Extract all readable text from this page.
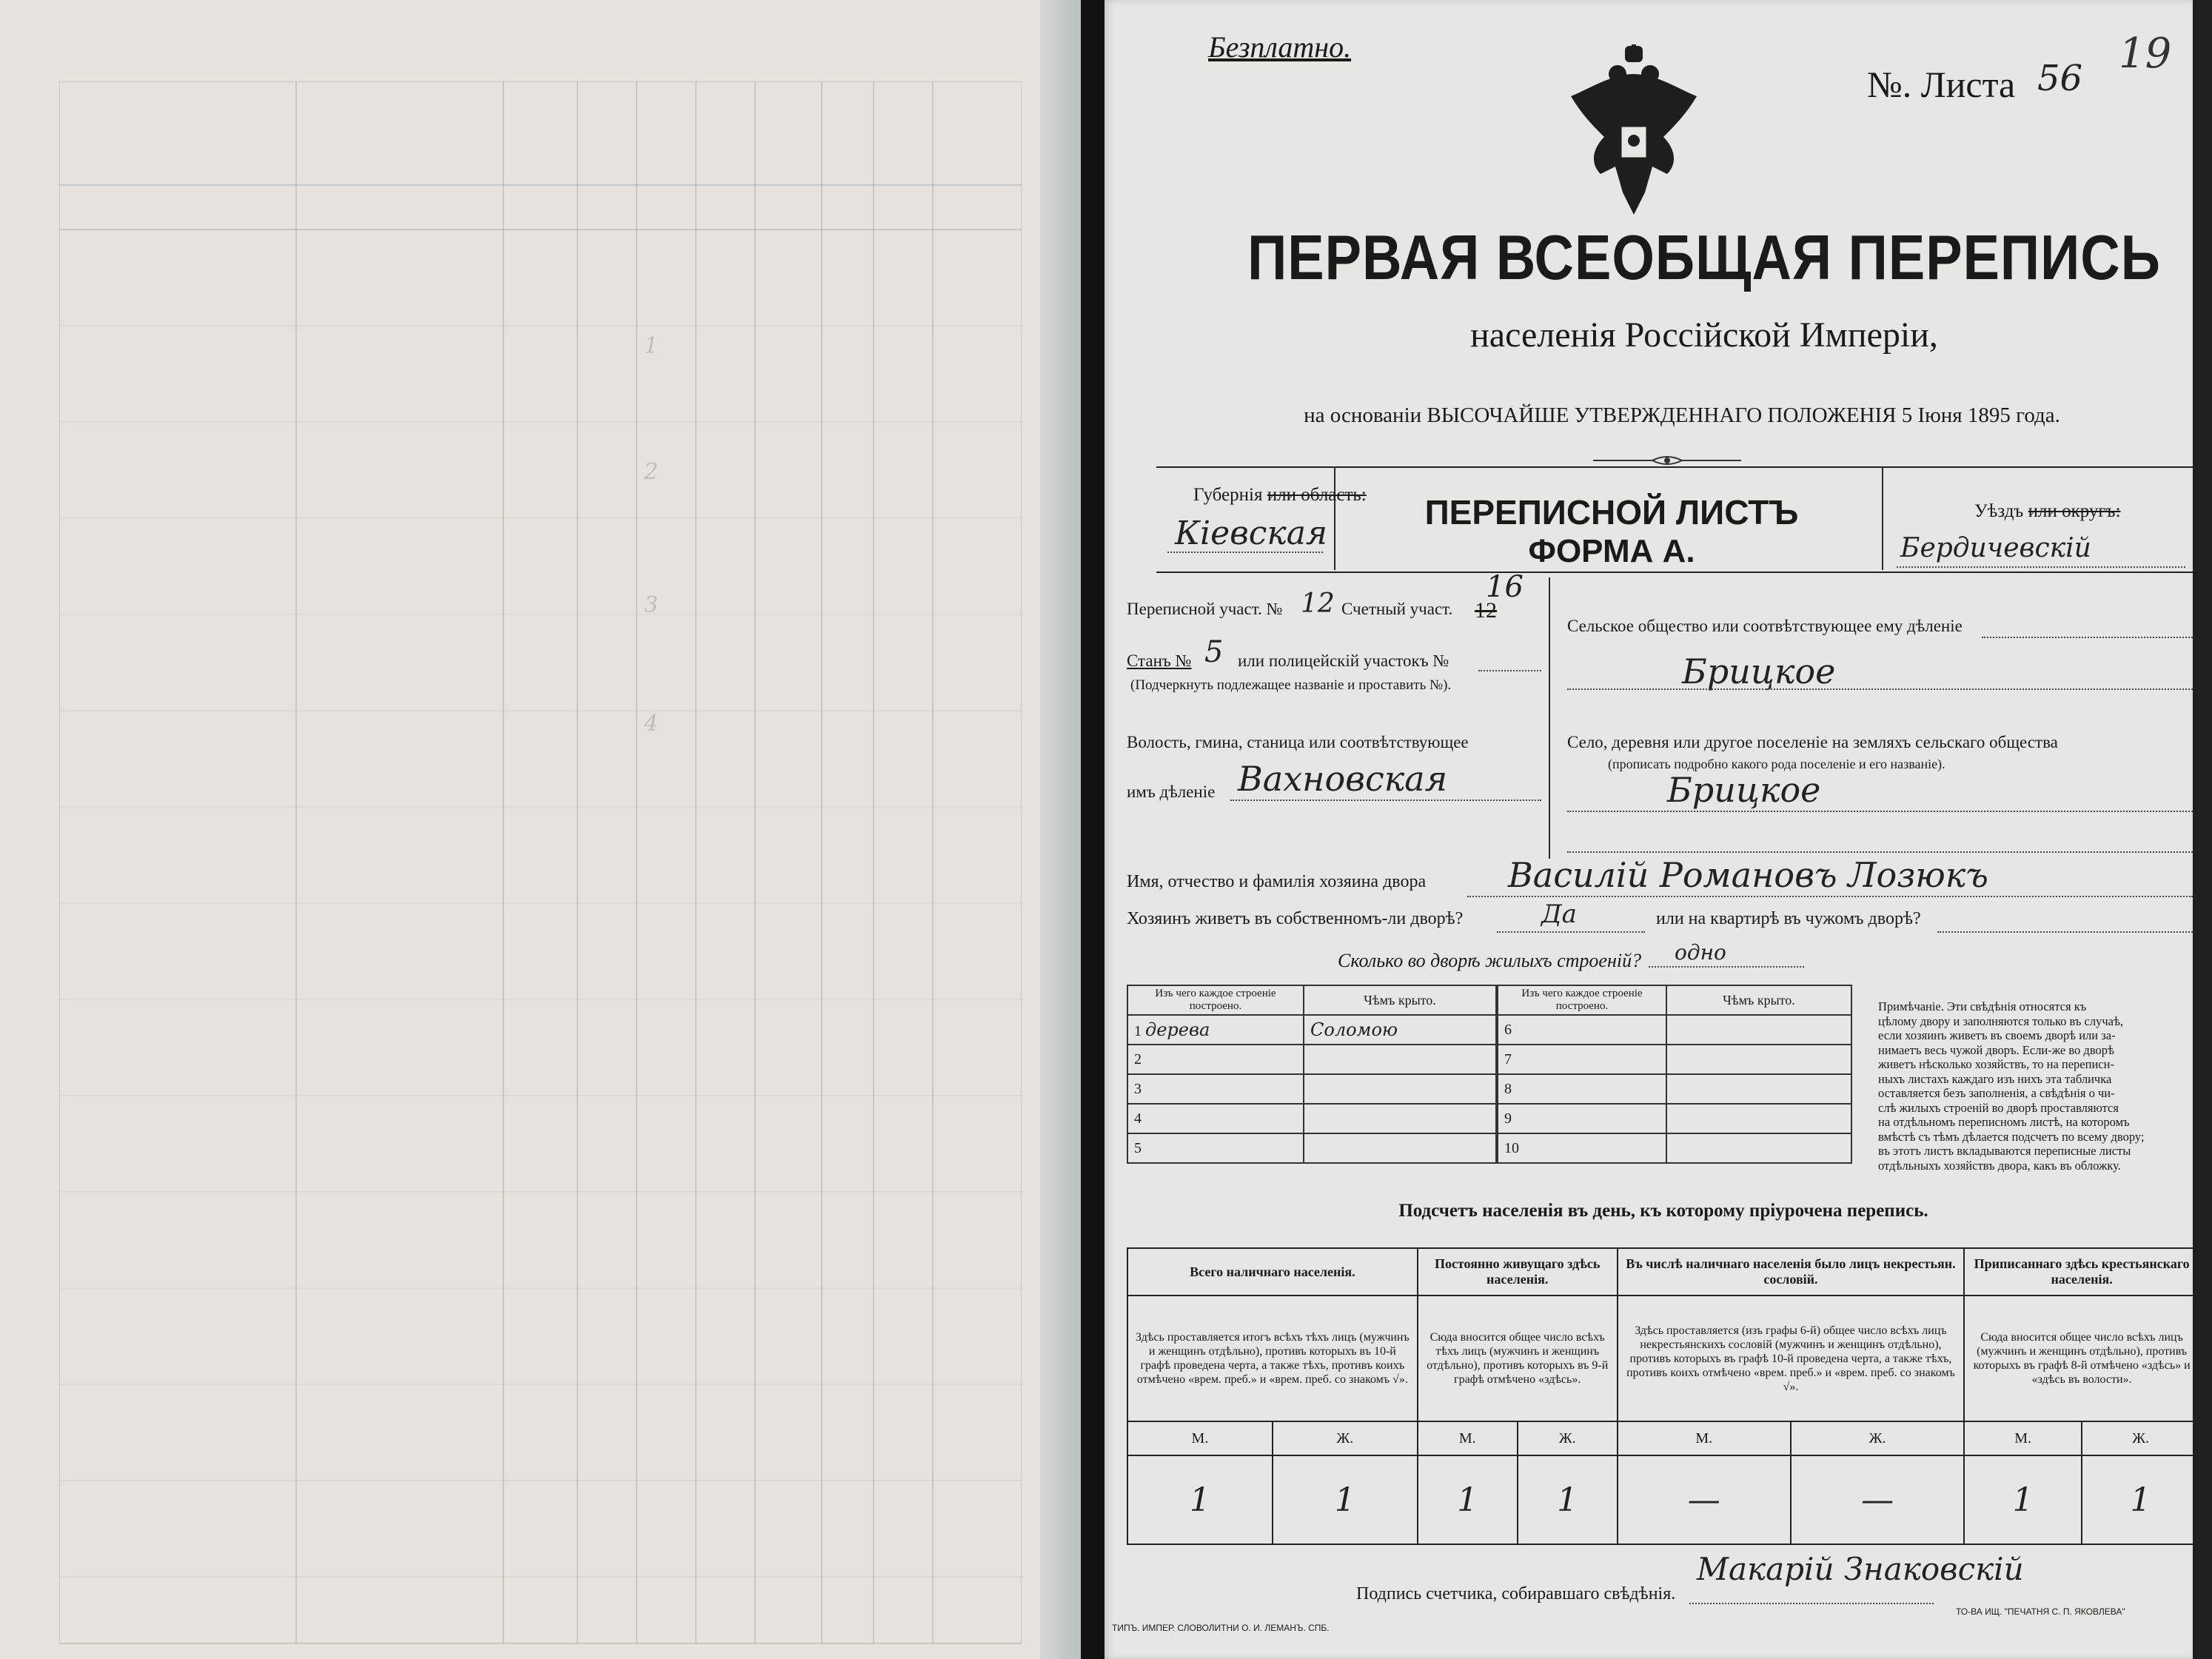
1
2
3
4
Безплатно.
№. Листа 56
19
ПЕРВАЯ ВСЕОБЩАЯ ПЕРЕПИСЬ
населенія Россійской Имперіи,
на основаніи ВЫСОЧАЙШЕ УТВЕРЖДЕННАГО ПОЛОЖЕНІЯ 5 Іюня 1895 года.
Губернія или область:
Кіевская
ПЕРЕПИСНОЙ ЛИСТЪ
ФОРМА А.
Уѣздъ или округъ:
Бердичевскій
Переписной участ. № 12 Счетный участ.
16
12
Станъ № 5 или полицейскій участокъ №
(Подчеркнуть подлежащее названіе и проставить №).
Волость, гмина, станица или соотвѣтствующее
имъ дѣленіе Вахновская
Сельское общество или соотвѣтствующее ему дѣленіе
Брицкое
Село, деревня или другое поселеніе на земляхъ сельскаго общества
(прописать подробно какого рода поселеніе и его названіе).
Брицкое
Имя, отчество и фамилія хозяина двора Василій Романовъ Лозюкъ
Хозяинъ живетъ въ собственномъ-ли дворѣ?	Да	или на квартирѣ въ чужомъ дворѣ?
Сколько во дворѣ жилыхъ строеній? одно
Изъ чего каждое строеніе построено.	Чѣмъ крыто.
1 дерева	Соломою
2	
3	
4	
5	
Изъ чего каждое строеніе построено.	Чѣмъ крыто.
6	
7	
8	
9	
10	
Примѣчаніе. Эти свѣдѣнія относятся къ
цѣлому двору и заполняются только въ случаѣ,
если хозяинъ живетъ въ своемъ дворѣ или за-
нимаетъ весь чужой дворъ. Если-же во дворѣ
живетъ нѣсколько хозяйствъ, то на переписн-
ныхъ листахъ каждаго изъ нихъ эта табличка
оставляется безъ заполненія, а свѣдѣнія о чи-
слѣ жилыхъ строеній во дворѣ проставляются
на отдѣльномъ переписномъ листѣ, на которомъ
вмѣстѣ съ тѣмъ дѣлается подсчетъ по всему двору;
въ этотъ листъ вкладываются переписные листы
отдѣльныхъ хозяйствъ двора, какъ въ обложку.
Подсчетъ населенія въ день, къ которому пріурочена перепись.
Всего наличнаго населенія.		Постоянно живущаго здѣсь населенія.		Въ числѣ наличнаго населенія было лицъ некрестьян. сословій.		Приписаннаго здѣсь крестьянскаго населенія.	
Здѣсь проставляется итогъ всѣхъ тѣхъ лицъ (мужчинъ и женщинъ отдѣльно), противъ которыхъ въ 10-й графѣ проведена черта, а также тѣхъ, противъ коихъ отмѣчено «врем. преб.» и «врем. преб. со знакомъ √».		Сюда вносится общее число всѣхъ тѣхъ лицъ (мужчинъ и женщинъ отдѣльно), противъ которыхъ въ 9-й графѣ отмѣчено «здѣсь».		Здѣсь проставляется (изъ графы 6-й) общее число всѣхъ лицъ некрестьянскихъ сословій (мужчинъ и женщинъ отдѣльно), противъ которыхъ въ графѣ 10-й проведена черта, а также тѣхъ, противъ коихъ отмѣчено «врем. преб.» и «врем. преб. со знакомъ √».		Сюда вносится общее число всѣхъ лицъ (мужчинъ и женщинъ отдѣльно), противъ которыхъ въ графѣ 8-й отмѣчено «здѣсь» и «здѣсь въ волости».	
М.	Ж.	М.	Ж.	М.	Ж.	М.	Ж.
1	1	1	1	—	—	1	1
Подпись счетчика, собиравшаго свѣдѣнія.
Макарій Знаковскій
ТИПЪ. ИМПЕР. СЛОВОЛИТНИ О. И. ЛЕМАНЪ. СПБ.
ТО-ВА ИЩ. "ПЕЧАТНЯ С. П. ЯКОВЛЕВА"
